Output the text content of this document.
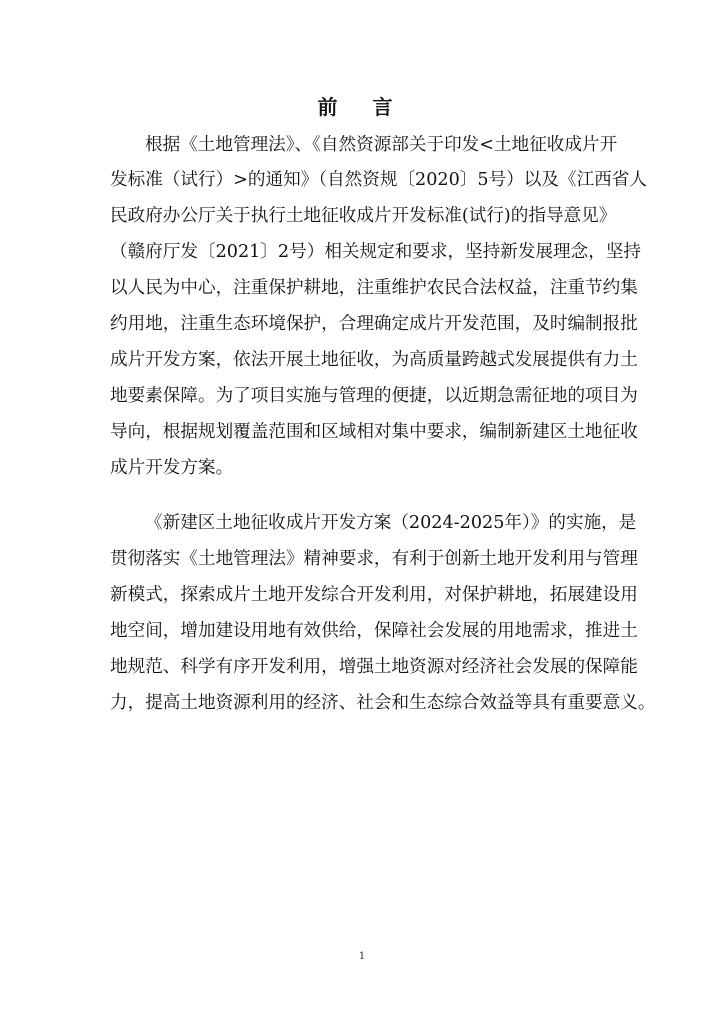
前 言

根据《土地管理法》、《自然资源部关于印发<土地征收成片开

发标准（试行）>的通知》（自然资规〔2020〕5号）以及《江西省人

民政府办公厅关于执行土地征收成片开发标准(试行)的指导意见》

（赣府厅发〔2021〕2号）相关规定和要求，坚持新发展理念，坚持

以人民为中心，注重保护耕地，注重维护农民合法权益，注重节约集

约用地，注重生态环境保护，合理确定成片开发范围，及时编制报批

成片开发方案，依法开展土地征收，为高质量跨越式发展提供有力土

地要素保障。为了项目实施与管理的便捷，以近期急需征地的项目为

导向，根据规划覆盖范围和区域相对集中要求，编制新建区土地征收

成片开发方案。

《新建区土地征收成片开发方案（2024-2025年）》的实施，是

贯彻落实《土地管理法》精神要求，有利于创新土地开发利用与管理

新模式，探索成片土地开发综合开发利用，对保护耕地，拓展建设用

地空间，增加建设用地有效供给，保障社会发展的用地需求，推进土

地规范、科学有序开发利用，增强土地资源对经济社会发展的保障能

力，提高土地资源利用的经济、社会和生态综合效益等具有重要意义。

1
